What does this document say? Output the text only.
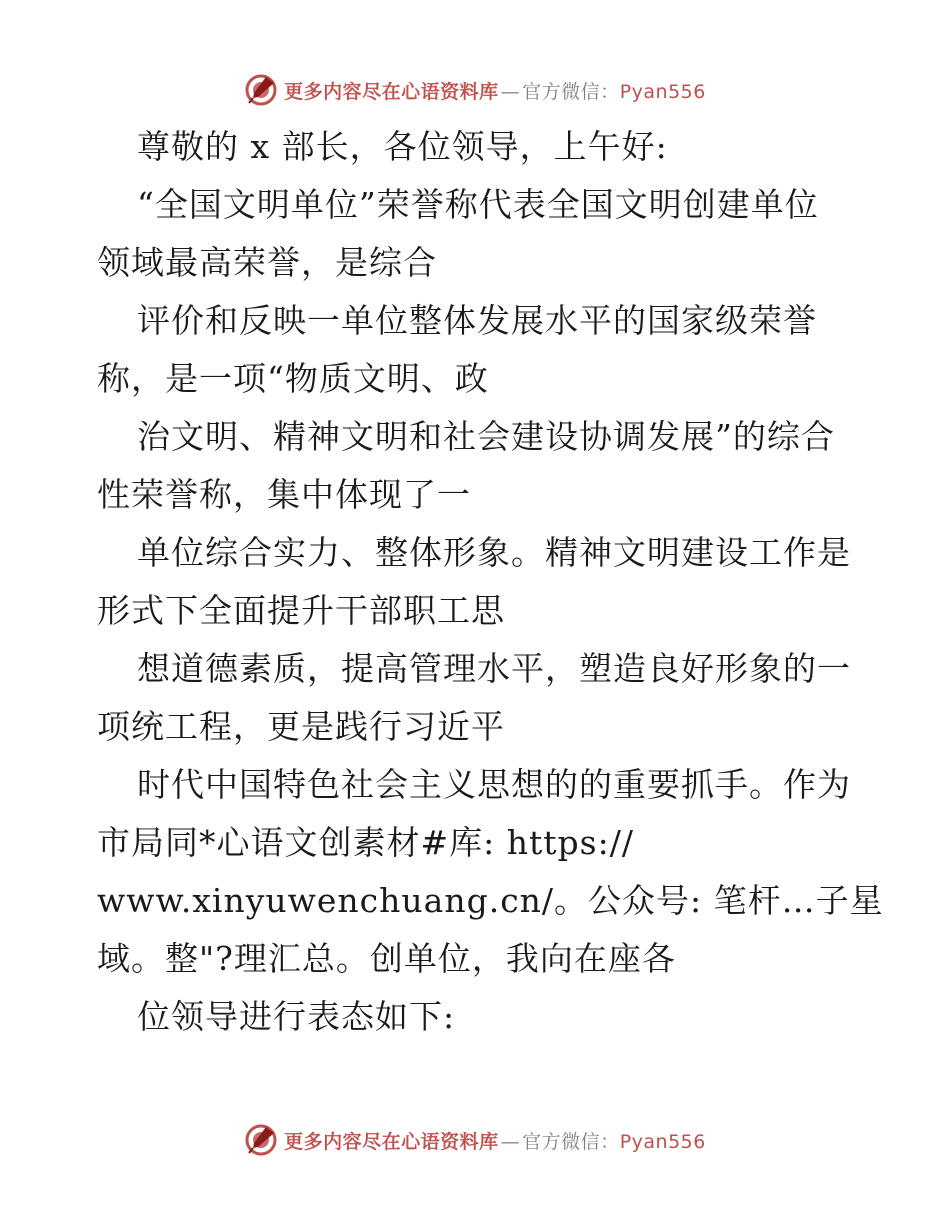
更多内容尽在心语资料库 — 官方微信：Pyan556
尊敬的 x 部长，各位领导，上午好:
“全国文明单位”荣誉称代表全国文明创建单位
领域最高荣誉，是综合
评价和反映一单位整体发展水平的国家级荣誉
称，是一项“物质文明、政
治文明、精神文明和社会建设协调发展”的综合
性荣誉称，集中体现了一
单位综合实力、整体形象。精神文明建设工作是
形式下全面提升干部职工思
想道德素质，提高管理水平，塑造良好形象的一
项统工程，更是践行习近平
时代中国特色社会主义思想的的重要抓手。作为
市局同*心语文创素材#库: https://
www.xinyuwenchuang.cn/。公众号: 笔杆…子星
域。整"?理汇总。创单位，我向在座各
位领导进行表态如下:
更多内容尽在心语资料库 — 官方微信：Pyan556
